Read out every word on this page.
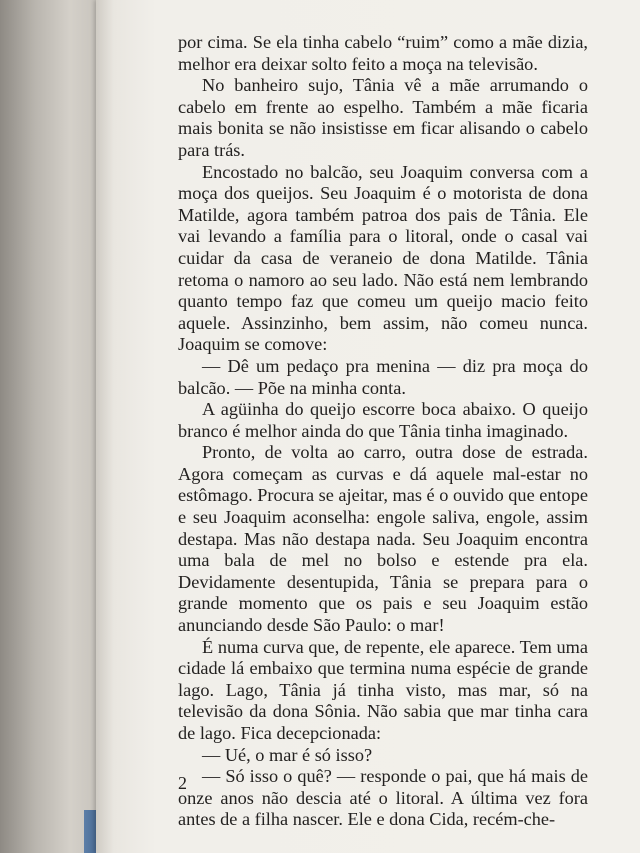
por cima. Se ela tinha cabelo “ruim” como a mãe dizia, melhor era deixar solto feito a moça na televisão.

No banheiro sujo, Tânia vê a mãe arrumando o cabelo em frente ao espelho. Também a mãe ficaria mais bonita se não insistisse em ficar alisando o cabelo para trás.

Encostado no balcão, seu Joaquim conversa com a moça dos queijos. Seu Joaquim é o motorista de dona Matilde, agora também patroa dos pais de Tânia. Ele vai levando a família para o litoral, onde o casal vai cuidar da casa de veraneio de dona Matilde. Tânia retoma o namoro ao seu lado. Não está nem lembrando quanto tempo faz que comeu um queijo macio feito aquele. Assinzinho, bem assim, não comeu nunca. Joaquim se comove:

— Dê um pedaço pra menina — diz pra moça do balcão. — Põe na minha conta.

A agüinha do queijo escorre boca abaixo. O queijo branco é melhor ainda do que Tânia tinha imaginado.

Pronto, de volta ao carro, outra dose de estrada. Agora começam as curvas e dá aquele mal-estar no estômago. Procura se ajeitar, mas é o ouvido que entope e seu Joaquim aconselha: engole saliva, engole, assim destapa. Mas não destapa nada. Seu Joaquim encontra uma bala de mel no bolso e estende pra ela. Devidamente desentupida, Tânia se prepara para o grande momento que os pais e seu Joaquim estão anunciando desde São Paulo: o mar!

É numa curva que, de repente, ele aparece. Tem uma cidade lá embaixo que termina numa espécie de grande lago. Lago, Tânia já tinha visto, mas mar, só na televisão da dona Sônia. Não sabia que mar tinha cara de lago. Fica decepcionada:

— Ué, o mar é só isso?

— Só isso o quê? — responde o pai, que há mais de onze anos não descia até o litoral. A última vez fora antes de a filha nascer. Ele e dona Cida, recém-che-

2
